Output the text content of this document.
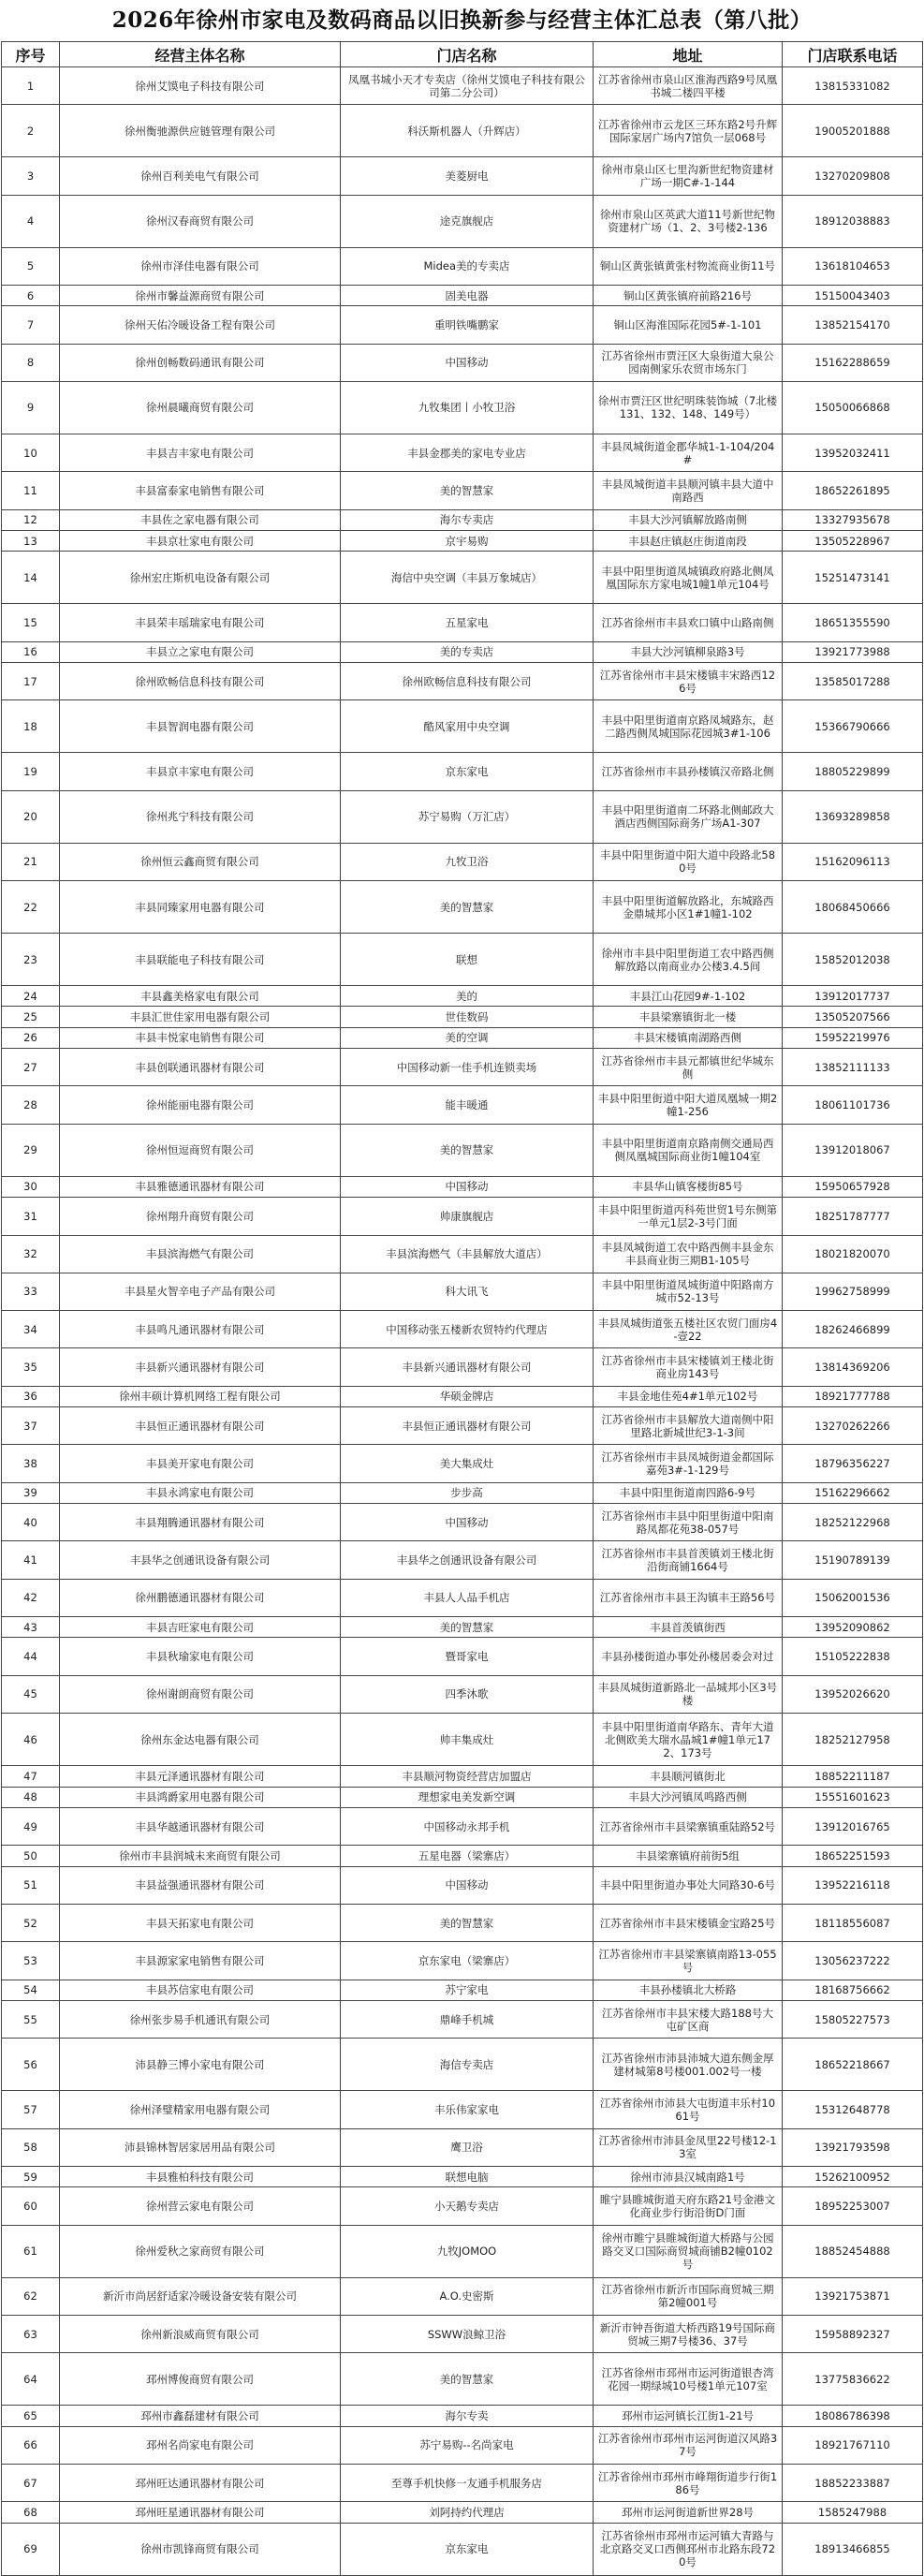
2026年徐州市家电及数码商品以旧换新参与经营主体汇总表（第八批）
序号	经营主体名称	门店名称	地址	门店联系电话
1	徐州艾馍电子科技有限公司	凤凰书城小天才专卖店（徐州艾馍电子科技有限公司第二分公司）	江苏省徐州市泉山区淮海西路9号凤凰书城二楼四平楼	13815331082
2	徐州衡驰源供应链管理有限公司	科沃斯机器人（升辉店）	江苏省徐州市云龙区三环东路2号升辉国际家居广场内7馆负一层068号	19005201888
3	徐州百利美电气有限公司	美菱厨电	徐州市泉山区七里沟新世纪物资建材广场一期C#-1-144	13270209808
4	徐州汉春商贸有限公司	途克旗舰店	徐州市泉山区英武大道11号新世纪物资建材广场（1、2、3号楼2-136	18912038883
5	徐州市泽佳电器有限公司	Midea美的专卖店	铜山区黄张镇黄张村物流商业街11号	13618104653
6	徐州市馨益源商贸有限公司	固美电器	铜山区黄张镇府前路216号	15150043403
7	徐州天佑冷暖设备工程有限公司	重明铁嘴鹏家	铜山区海淮国际花园5#-1-101	13852154170
8	徐州创畅数码通讯有限公司	中国移动	江苏省徐州市贾汪区大泉街道大泉公园南侧家乐农贸市场东门	15162288659
9	徐州晨曦商贸有限公司	九牧集团丨小牧卫浴	徐州市贾汪区世纪明珠装饰城（7北楼131、132、148、149号）	15050066868
10	丰县吉丰家电有限公司	丰县金郡美的家电专业店	丰县凤城街道金郡华城1-1-104/204#	13952032411
11	丰县富泰家电销售有限公司	美的智慧家	丰县凤城街道丰县顺河镇丰县大道中南路西	18652261895
12	丰县佐之家电器有限公司	海尔专卖店	丰县大沙河镇解放路南侧	13327935678
13	丰县京壮家电有限公司	京宇易购	丰县赵庄镇赵庄街道南段	13505228967
14	徐州宏庄斯机电设备有限公司	海信中央空调（丰县万象城店）	丰县中阳里街道凤城镇政府路北侧凤凰国际东方家电城1幢1单元104号	15251473141
15	丰县荣丰瑶瑞家电有限公司	五星家电	江苏省徐州市丰县欢口镇中山路南侧	18651355590
16	丰县立之家电有限公司	美的专卖店	丰县大沙河镇柳泉路3号	13921773988
17	徐州欧畅信息科技有限公司	徐州欧畅信息科技有限公司	江苏省徐州市丰县宋楼镇丰宋路西126号	13585017288
18	丰县智润电器有限公司	酷风家用中央空调	丰县中阳里街道南京路凤城路东，赵二路西侧凤城国际花园城3#1-106	15366790666
19	丰县京丰家电有限公司	京东家电	江苏省徐州市丰县孙楼镇汉帝路北侧	18805229899
20	徐州兆宁科技有限公司	苏宁易购（万汇店）	丰县中阳里街道南二环路北侧邮政大酒店西侧国际商务广场A1-307	13693289858
21	徐州恒云鑫商贸有限公司	九牧卫浴	丰县中阳里街道中阳大道中段路北580号	15162096113
22	丰县同臻家用电器有限公司	美的智慧家	丰县中阳里街道解放路北，东城路西金鼎城邦小区1#1幢1-102	18068450666
23	丰县联能电子科技有限公司	联想	徐州市丰县中阳里街道工农中路西侧解放路以南商业办公楼3.4.5间	15852012038
24	丰县鑫美格家电有限公司	美的	丰县江山花园9#-1-102	13912017737
25	丰县汇世佳家用电器有限公司	世佳数码	丰县梁寨镇街北一楼	13505207566
26	丰县丰悦家电销售有限公司	美的空调	丰县宋楼镇南湖路西侧	15952219976
27	丰县创联通讯器材有限公司	中国移动新一佳手机连锁卖场	江苏省徐州市丰县元都镇世纪华城东侧	13852111133
28	徐州能丽电器有限公司	能丰暖通	丰县中阳里街道中阳大道凤凰城一期2幢1-256	18061101736
29	徐州恒逗商贸有限公司	美的智慧家	丰县中阳里街道南京路南侧交通局西侧凤凰城国际商业街1幢104室	13912018067
30	丰县雅德通讯器材有限公司	中国移动	丰县华山镇客楼街85号	15950657928
31	徐州翔升商贸有限公司	帅康旗舰店	丰县中阳里街道丙科苑世贸1号东侧第一单元1层2-3号门面	18251787777
32	丰县滨海燃气有限公司	丰县滨海燃气（丰县解放大道店）	丰县凤城街道工农中路西侧丰县金东丰县商业街三期B1-105号	18021820070
33	丰县星火智辛电子产品有限公司	科大讯飞	丰县中阳里街道凤城街道中阳路南方城市52-13号	19962758999
34	丰县鸣凡通讯器材有限公司	中国移动张五楼新农贸特约代理店	丰县凤城街道张五楼社区农贸门面房4-壹22	18262466899
35	丰县新兴通讯器材有限公司	丰县新兴通讯器材有限公司	江苏省徐州市丰县宋楼镇刘王楼北街商业房143号	13814369206
36	徐州丰硕计算机网络工程有限公司	华硕金牌店	丰县金地佳苑4#1单元102号	18921777788
37	丰县恒正通讯器材有限公司	丰县恒正通讯器材有限公司	江苏省徐州市丰县解放大道南侧中阳里路北新城世纪3-1-3间	13270262266
38	丰县美开家电有限公司	美大集成灶	江苏省徐州市丰县凤城街道金都国际嘉苑3#-1-129号	18796356227
39	丰县永鸿家电有限公司	步步高	丰县中阳里街道南四路6-9号	15162296662
40	丰县翔腾通讯器材有限公司	中国移动	江苏省徐州市丰县中阳里街道中阳南路凤都花苑38-057号	18252122968
41	丰县华之创通讯设备有限公司	丰县华之创通讯设备有限公司	江苏省徐州市丰县首羡镇刘王楼北街沿街商铺1664号	15190789139
42	徐州鹏德通讯器材有限公司	丰县人人品手机店	江苏省徐州市丰县王沟镇丰王路56号	15062001536
43	丰县吉旺家电有限公司	美的智慧家	丰县首羡镇街西	13952090862
44	丰县秋瑜家电有限公司	暨哥家电	丰县孙楼街道办事处孙楼居委会对过	15105222838
45	徐州谢朗商贸有限公司	四季沐歌	丰县凤城街道新路北一品城邦小区3号楼	13952026620
46	徐州东金达电器有限公司	帅丰集成灶	丰县中阳里街道南华路东、青年大道北侧欧美大瑞水晶城1#幢1单元172、173号	18252127958
47	丰县元泽通讯器材有限公司	丰县顺河物资经营店加盟店	丰县顺河镇街北	18852211187
48	丰县鸿爵家用电器有限公司	理想家电美发新空调	丰县大沙河镇凤鸣路西侧	15551601623
49	丰县华越通讯器材有限公司	中国移动永邦手机	江苏省徐州市丰县梁寨镇重陆路52号	13912016765
50	徐州市丰县润城未来商贸有限公司	五星电器（梁寨店）	丰县梁寨镇府前街5组	18652251593
51	丰县益强通讯器材有限公司	中国移动	丰县中阳里街道办事处大同路30-6号	13952216118
52	丰县天拓家电有限公司	美的智慧家	江苏省徐州市丰县宋楼镇金宝路25号	18118556087
53	丰县源家家电销售有限公司	京东家电（梁寨店）	江苏省徐州市丰县梁寨镇南路13-055号	13056237222
54	丰县苏信家电有限公司	苏宁家电	丰县孙楼镇北大桥路	18168756662
55	徐州张步易手机通讯有限公司	鼎峰手机城	江苏省徐州市丰县宋楼大路188号大屯矿区商	15805227573
56	沛县静三博小家电有限公司	海信专卖店	江苏省徐州市沛县沛城大道东侧金厚建材城第8号楼001.002号一楼	18652218667
57	徐州泽璧精家用电器有限公司	丰乐伟家家电	江苏省徐州市沛县大屯街道丰乐村1061号	15312648778
58	沛县锦林智居家居用品有限公司	鹰卫浴	江苏省徐州市沛县金凤里22号楼12-13室	13921793598
59	丰县雅柏科技有限公司	联想电脑	徐州市沛县汉城南路1号	15262100952
60	徐州营云家电有限公司	小天鹅专卖店	睢宁县睢城街道天府东路21号金港文化商业步行街沿街D门面	18952253007
61	徐州爱秋之家商贸有限公司	九牧JOMOO	徐州市睢宁县睢城街道大桥路与公园路交叉口国际商贸城商铺B2幢0102号	18852454888
62	新沂市尚居舒适家冷暖设备安装有限公司	A.O.史密斯	江苏省徐州市新沂市国际商贸城三期第2幢001号	13921753871
63	徐州新浪威商贸有限公司	SSWW浪鲸卫浴	新沂市钟吾街道大桥西路19号国际商贸城三期7号楼36、37号	15958892327
64	邳州博俊商贸有限公司	美的智慧家	江苏省徐州市邳州市运河街道银杏湾花园一期绿城10号楼1单元107室	13775836622
65	邳州市鑫磊建材有限公司	海尔专卖	邳州市运河镇长江街1-21号	18086786398
66	邳州名尚家电有限公司	苏宁易购--名尚家电	江苏省徐州市邳州市运河街道汉风路37号	18921767110
67	邳州旺达通讯器材有限公司	至尊手机快修一友通手机服务店	江苏省徐州市邳州市峰翔街道步行街186号	18852233887
68	邳州旺星通讯器材有限公司	刘阿持约代理店	邳州市运河街道新世界28号	1585247988
69	徐州市凯锋商贸有限公司	京东家电	江苏省徐州市邳州市运河镇大青路与北京路交叉口西侧邳州市北路东段720号	18913466855
